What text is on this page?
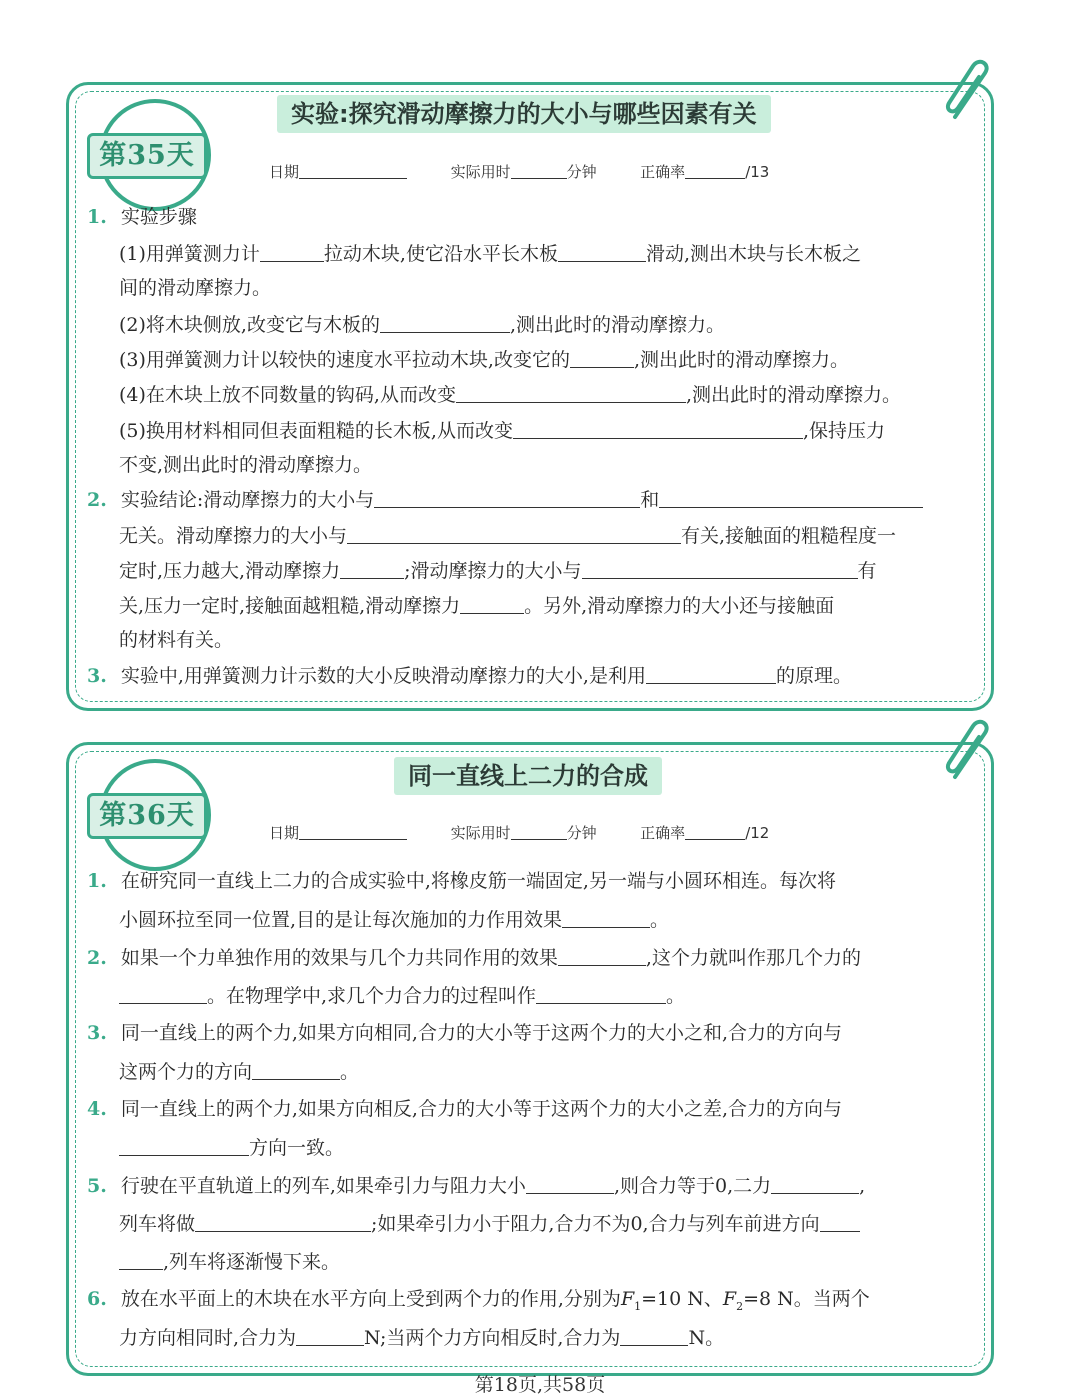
第35天
实验:探究滑动摩擦力的大小与哪些因素有关
日期	实际用时	分钟	正确率	/13
1. 实验步骤
(1)用弹簧测力计	拉动木块,使它沿水平长木板	滑动,测出木块与长木板之
间的滑动摩擦力。
(2)将木块侧放,改变它与木板的	,测出此时的滑动摩擦力。
(3)用弹簧测力计以较快的速度水平拉动木块,改变它的	,测出此时的滑动摩擦力。
(4)在木块上放不同数量的钩码,从而改变	,测出此时的滑动摩擦力。
(5)换用材料相同但表面粗糙的长木板,从而改变	,保持压力
不变,测出此时的滑动摩擦力。
2. 实验结论:滑动摩擦力的大小与	和
无关。滑动摩擦力的大小与	有关,接触面的粗糙程度一
定时,压力越大,滑动摩擦力	;滑动摩擦力的大小与	有
关,压力一定时,接触面越粗糙,滑动摩擦力	。另外,滑动摩擦力的大小还与接触面
的材料有关。
3. 实验中,用弹簧测力计示数的大小反映滑动摩擦力的大小,是利用	的原理。
第36天
同一直线上二力的合成
日期	实际用时	分钟	正确率	/12
1. 在研究同一直线上二力的合成实验中,将橡皮筋一端固定,另一端与小圆环相连。每次将
小圆环拉至同一位置,目的是让每次施加的力作用效果	。
2. 如果一个力单独作用的效果与几个力共同作用的效果	,这个力就叫作那几个力的
。在物理学中,求几个力合力的过程叫作	。
3. 同一直线上的两个力,如果方向相同,合力的大小等于这两个力的大小之和,合力的方向与
这两个力的方向	。
4. 同一直线上的两个力,如果方向相反,合力的大小等于这两个力的大小之差,合力的方向与
方向一致。
5. 行驶在平直轨道上的列车,如果牵引力与阻力大小	,则合力等于0,二力	,
列车将做	;如果牵引力小于阻力,合力不为0,合力与列车前进方向
,列车将逐渐慢下来。
6. 放在水平面上的木块在水平方向上受到两个力的作用,分别为$F_1=10$ N、$F_2=8$ N。当两个
力方向相同时,合力为	N;当两个力方向相反时,合力为	N。
第18页,共58页
